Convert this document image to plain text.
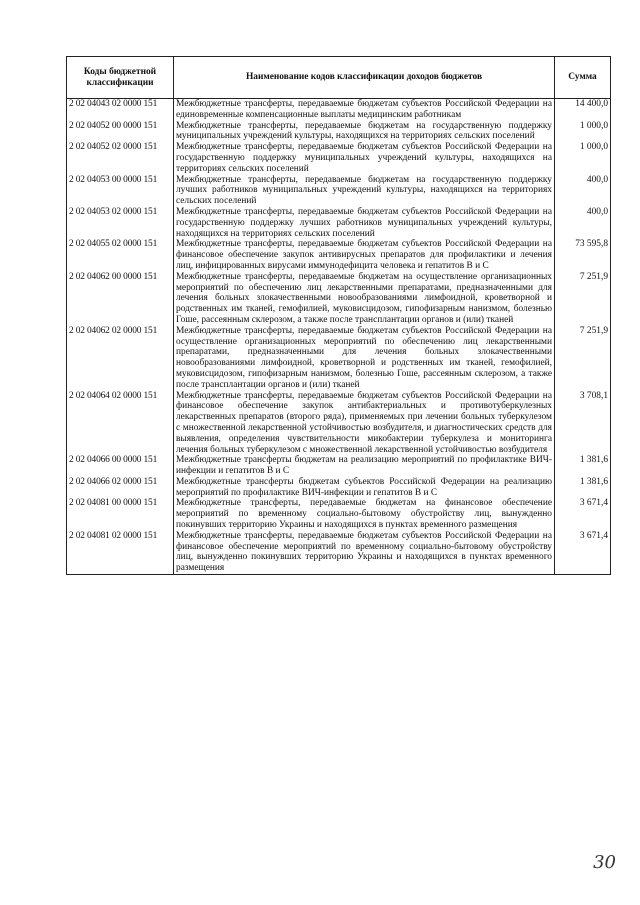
Коды бюджетной классификации	Наименование кодов классификации доходов бюджетов	Сумма
2 02 04043 02 0000 151	Межбюджетные трансферты, передаваемые бюджетам субъектов Российской Федерации на единовременные компенсационные выплаты медицинским работникам	14 400,0
2 02 04052 00 0000 151	Межбюджетные трансферты, передаваемые бюджетам на государственную поддержку муниципальных учреждений культуры, находящихся на территориях сельских поселений	1 000,0
2 02 04052 02 0000 151	Межбюджетные трансферты, передаваемые бюджетам субъектов Российской Федерации на государственную поддержку муниципальных учреждений культуры, находящихся на территориях сельских поселений	1 000,0
2 02 04053 00 0000 151	Межбюджетные трансферты, передаваемые бюджетам на государственную поддержку лучших работников муниципальных учреждений культуры, находящихся на территориях сельских поселений	400,0
2 02 04053 02 0000 151	Межбюджетные трансферты, передаваемые бюджетам субъектов Российской Федерации на государственную поддержку лучших работников муниципальных учреждений культуры, находящихся на территориях сельских поселений	400,0
2 02 04055 02 0000 151	Межбюджетные трансферты, передаваемые бюджетам субъектов Российской Федерации на финансовое обеспечение закупок антивирусных препаратов для профилактики и лечения лиц, инфицированных вирусами иммунодефицита человека и гепатитов В и С	73 595,8
2 02 04062 00 0000 151	Межбюджетные трансферты, передаваемые бюджетам на осуществление организационных мероприятий по обеспечению лиц лекарственными препаратами, предназначенными для лечения больных злокачественными новообразованиями лимфоидной, кроветворной и родственных им тканей, гемофилией, муковисцидозом, гипофизарным нанизмом, болезнью Гоше, рассеянным склерозом, а также после трансплантации органов и (или) тканей	7 251,9
2 02 04062 02 0000 151	Межбюджетные трансферты, передаваемые бюджетам субъектов Российской Федерации на осуществление организационных мероприятий по обеспечению лиц лекарственными препаратами, предназначенными для лечения больных злокачественными новообразованиями лимфоидной, кроветворной и родственных им тканей, гемофилией, муковисцидозом, гипофизарным нанизмом, болезнью Гоше, рассеянным склерозом, а также после трансплантации органов и (или) тканей	7 251,9
2 02 04064 02 0000 151	Межбюджетные трансферты, передаваемые бюджетам субъектов Российской Федерации на финансовое обеспечение закупок антибактериальных и противотуберкулезных лекарственных препаратов (второго ряда), применяемых при лечении больных туберкулезом с множественной лекарственной устойчивостью возбудителя, и диагностических средств для выявления, определения чувствительности микобактерии туберкулеза и мониторинга лечения больных туберкулезом с множественной лекарственной устойчивостью возбудителя	3 708,1
2 02 04066 00 0000 151	Межбюджетные трансферты бюджетам на реализацию мероприятий по профилактике ВИЧ-инфекции и гепатитов В и С	1 381,6
2 02 04066 02 0000 151	Межбюджетные трансферты бюджетам субъектов Российской Федерации на реализацию мероприятий по профилактике ВИЧ-инфекции и гепатитов В и С	1 381,6
2 02 04081 00 0000 151	Межбюджетные трансферты, передаваемые бюджетам на финансовое обеспечение мероприятий по временному социально-бытовому обустройству лиц, вынужденно покинувших территорию Украины и находящихся в пунктах временного размещения	3 671,4
2 02 04081 02 0000 151	Межбюджетные трансферты, передаваемые бюджетам субъектов Российской Федерации на финансовое обеспечение мероприятий по временному социально-бытовому обустройству лиц, вынужденно покинувших территорию Украины и находящихся в пунктах временного размещения	3 671,4
30
